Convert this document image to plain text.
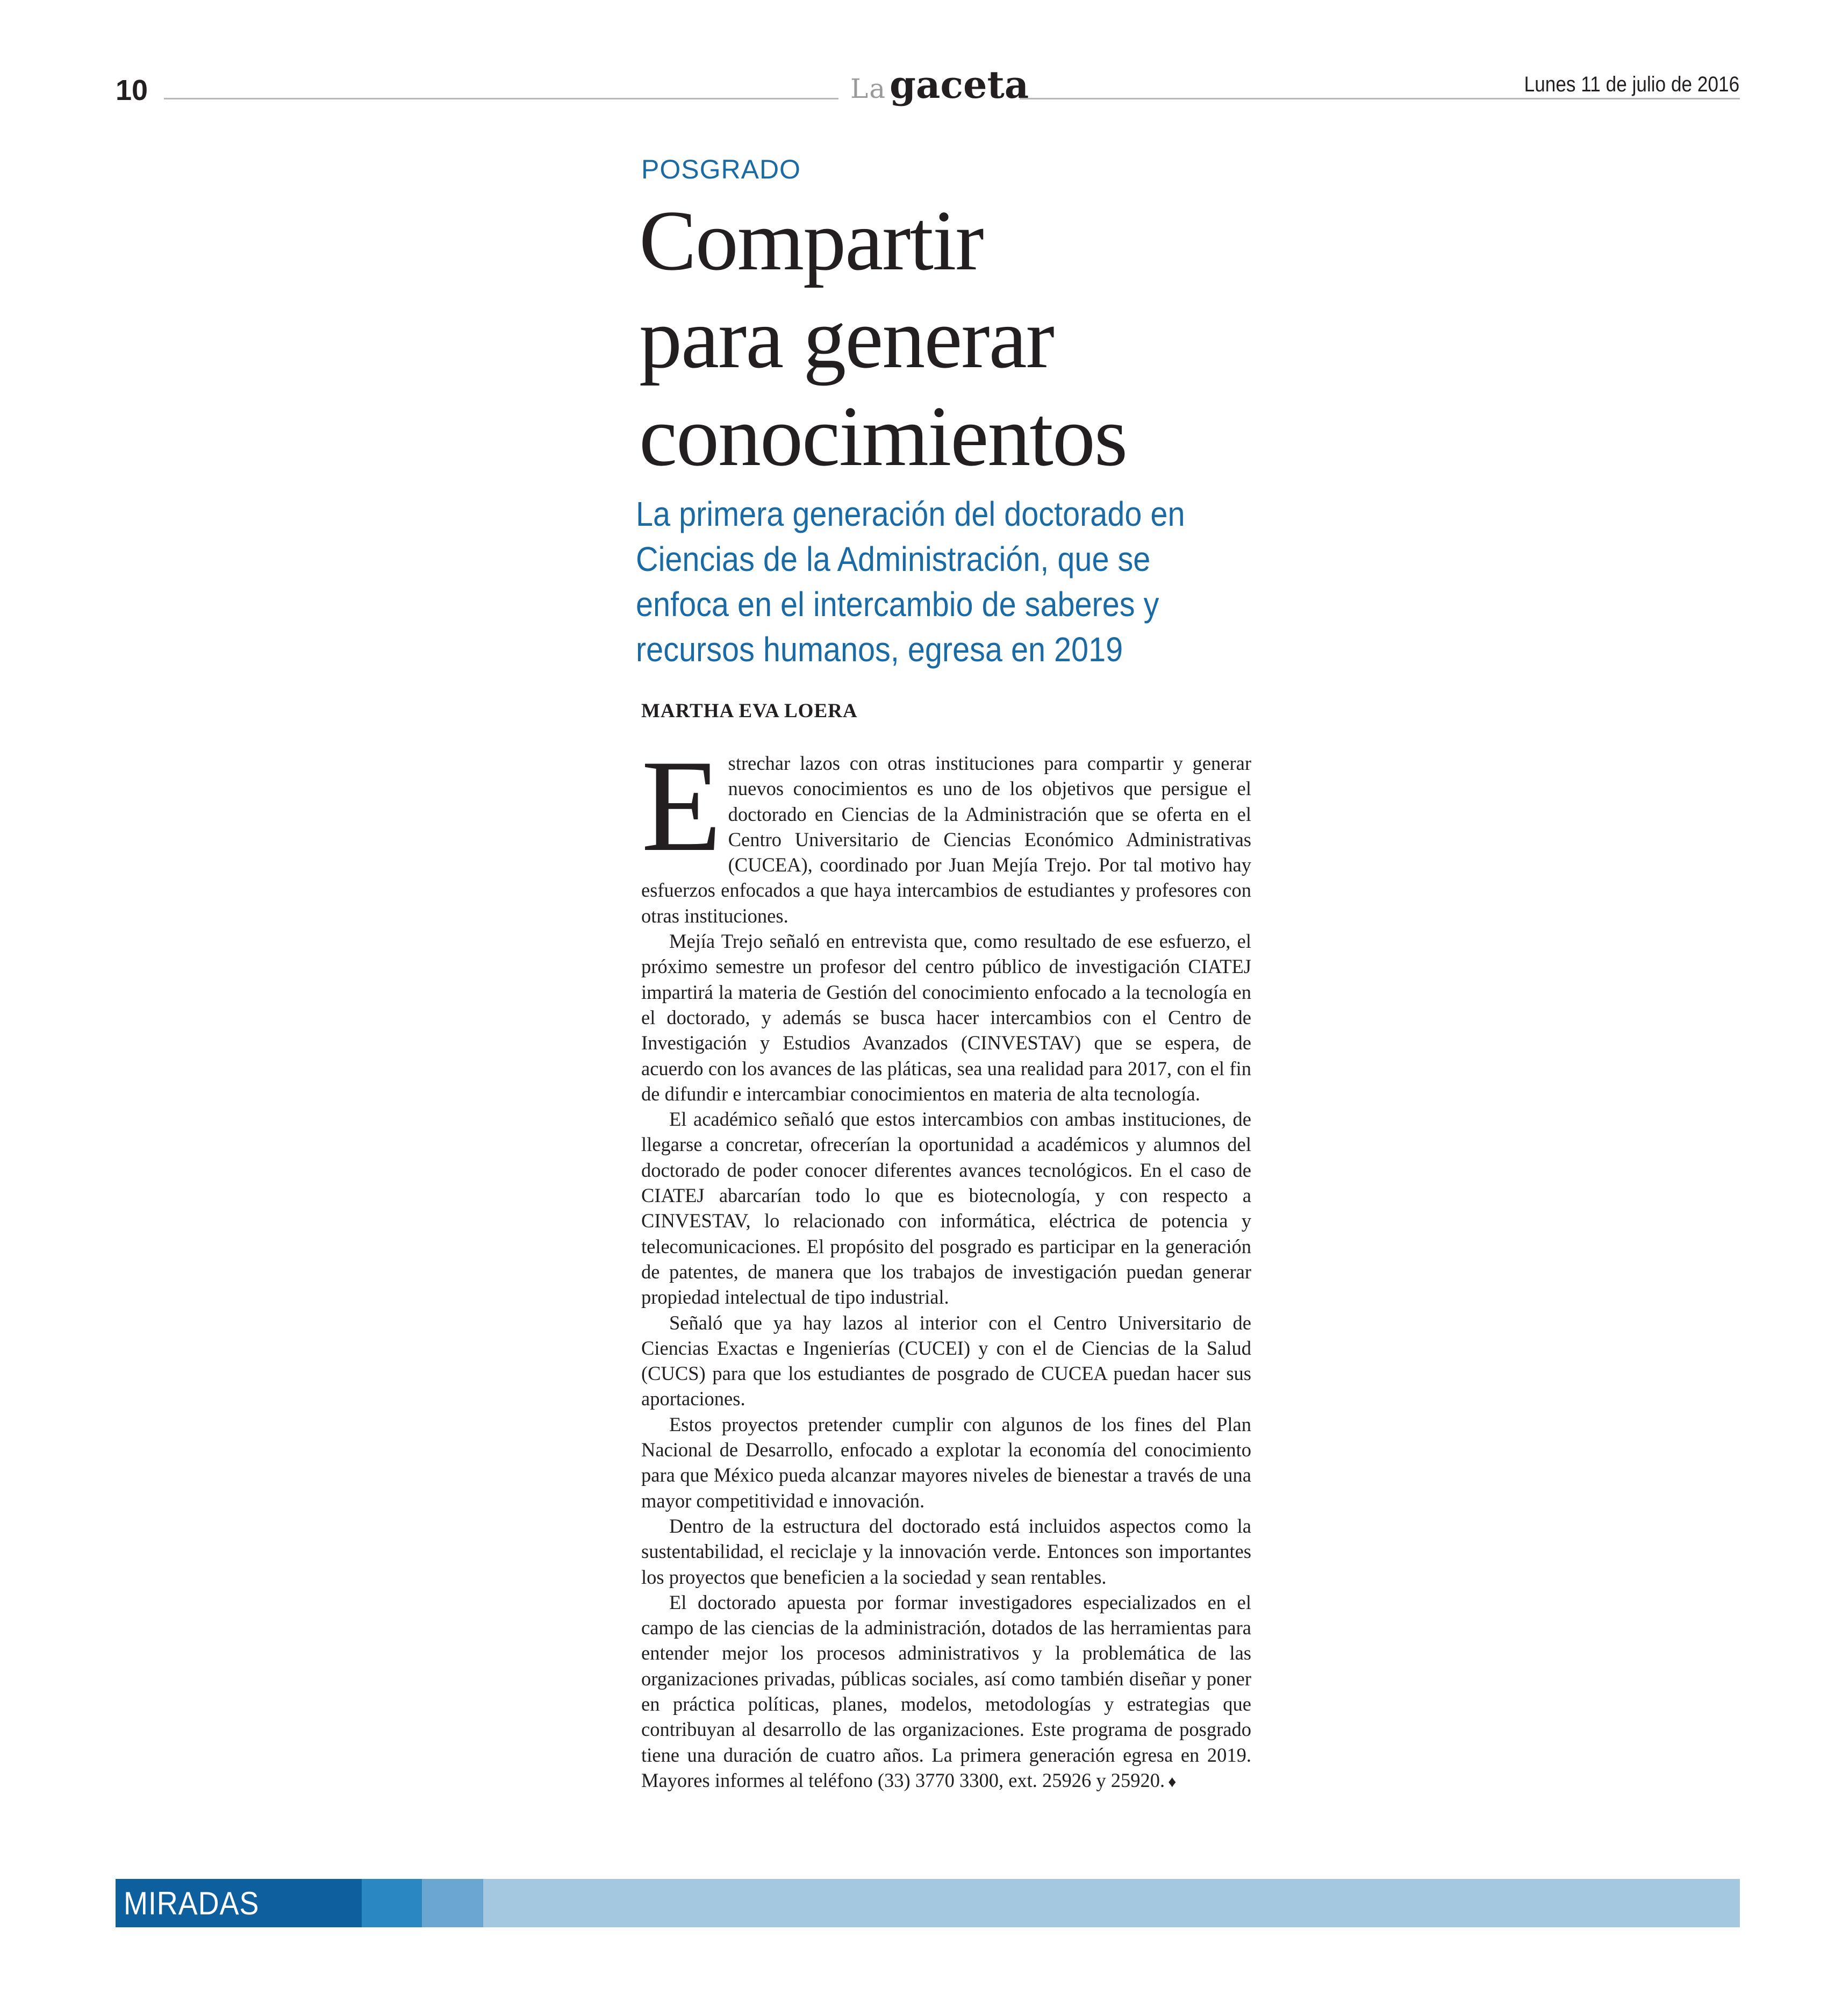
10	Lagaceta	Lunes 11 de julio de 2016
POSGRADO
Compartir
para generar
conocimientos
La primera generación del doctorado en Ciencias de la Administración, que se enfoca en el intercambio de saberes y recursos humanos, egresa en 2019
MARTHA EVA LOERA

Estrechar lazos con otras instituciones para compartir y generar nuevos conocimientos es uno de los objetivos que persigue el doctorado en Ciencias de la Administración que se oferta en el Centro Universitario de Ciencias Económico Administrativas (CUCEA), coordinado por Juan Mejía Trejo. Por tal motivo hay esfuerzos enfocados a que haya intercambios de estudiantes y profesores con otras instituciones.

Mejía Trejo señaló en entrevista que, como resultado de ese esfuerzo, el próximo semestre un profesor del centro público de investigación CIATEJ impartirá la materia de Gestión del conocimiento enfocado a la tecnología en el doctorado, y además se busca hacer intercambios con el Centro de Investigación y Estudios Avanzados (CINVESTAV) que se espera, de acuerdo con los avances de las pláticas, sea una realidad para 2017, con el fin de difundir e intercambiar conocimientos en materia de alta tecnología.

El académico señaló que estos intercambios con ambas instituciones, de llegarse a concretar, ofrecerían la oportunidad a académicos y alumnos del doctorado de poder conocer diferentes avances tecnológicos. En el caso de CIATEJ abarcarían todo lo que es biotecnología, y con respecto a CINVESTAV, lo relacionado con informática, eléctrica de potencia y telecomunicaciones. El propósito del posgrado es participar en la generación de patentes, de manera que los trabajos de investigación puedan generar propiedad intelectual de tipo industrial.

Señaló que ya hay lazos al interior con el Centro Universitario de Ciencias Exactas e Ingenierías (CUCEI) y con el de Ciencias de la Salud (CUCS) para que los estudiantes de posgrado de CUCEA puedan hacer sus aportaciones.

Estos proyectos pretender cumplir con algunos de los fines del Plan Nacional de Desarrollo, enfocado a explotar la economía del conocimiento para que México pueda alcanzar mayores niveles de bienestar a través de una mayor competitividad e innovación.

Dentro de la estructura del doctorado está incluidos aspectos como la sustentabilidad, el reciclaje y la innovación verde. Entonces son importantes los proyectos que beneficien a la sociedad y sean rentables.

El doctorado apuesta por formar investigadores especializados en el campo de las ciencias de la administración, dotados de las herramientas para entender mejor los procesos administrativos y la problemática de las organizaciones privadas, públicas sociales, así como también diseñar y poner en práctica políticas, planes, modelos, metodologías y estrategias que contribuyan al desarrollo de las organizaciones. Este programa de posgrado tiene una duración de cuatro años. La primera generación egresa en 2019. Mayores informes al teléfono (33) 3770 3300, ext. 25926 y 25920. ♦

MIRADAS
